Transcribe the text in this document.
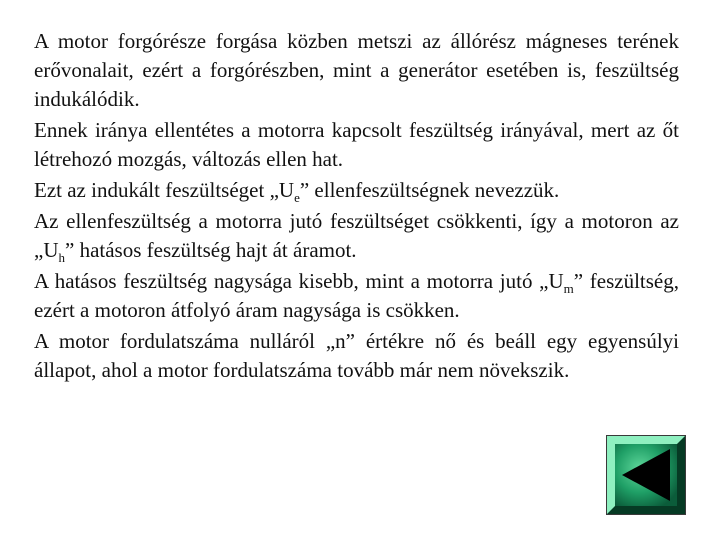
A motor forgórésze forgása közben metszi az állórész mágneses terének erővonalait, ezért a forgórészben, mint a generátor esetében is, feszültség indukálódik.

Ennek iránya ellentétes a motorra kapcsolt feszültség irányával, mert az őt létrehozó mozgás, változás ellen hat.

Ezt az indukált feszültséget $„U_e$” ellenfeszültségnek nevezzük.

Az ellenfeszültség a motorra jutó feszültséget csökkenti, így a motoron az $„U_h$” hatásos feszültség hajt át áramot.

A hatásos feszültség nagysága kisebb, mint a motorra jutó $„U_m$” feszültség, ezért a motoron átfolyó áram nagysága is csökken.

A motor fordulatszáma nulláról „n” értékre nő és beáll egy egyensúlyi állapot, ahol a motor fordulatszáma tovább már nem növekszik.
